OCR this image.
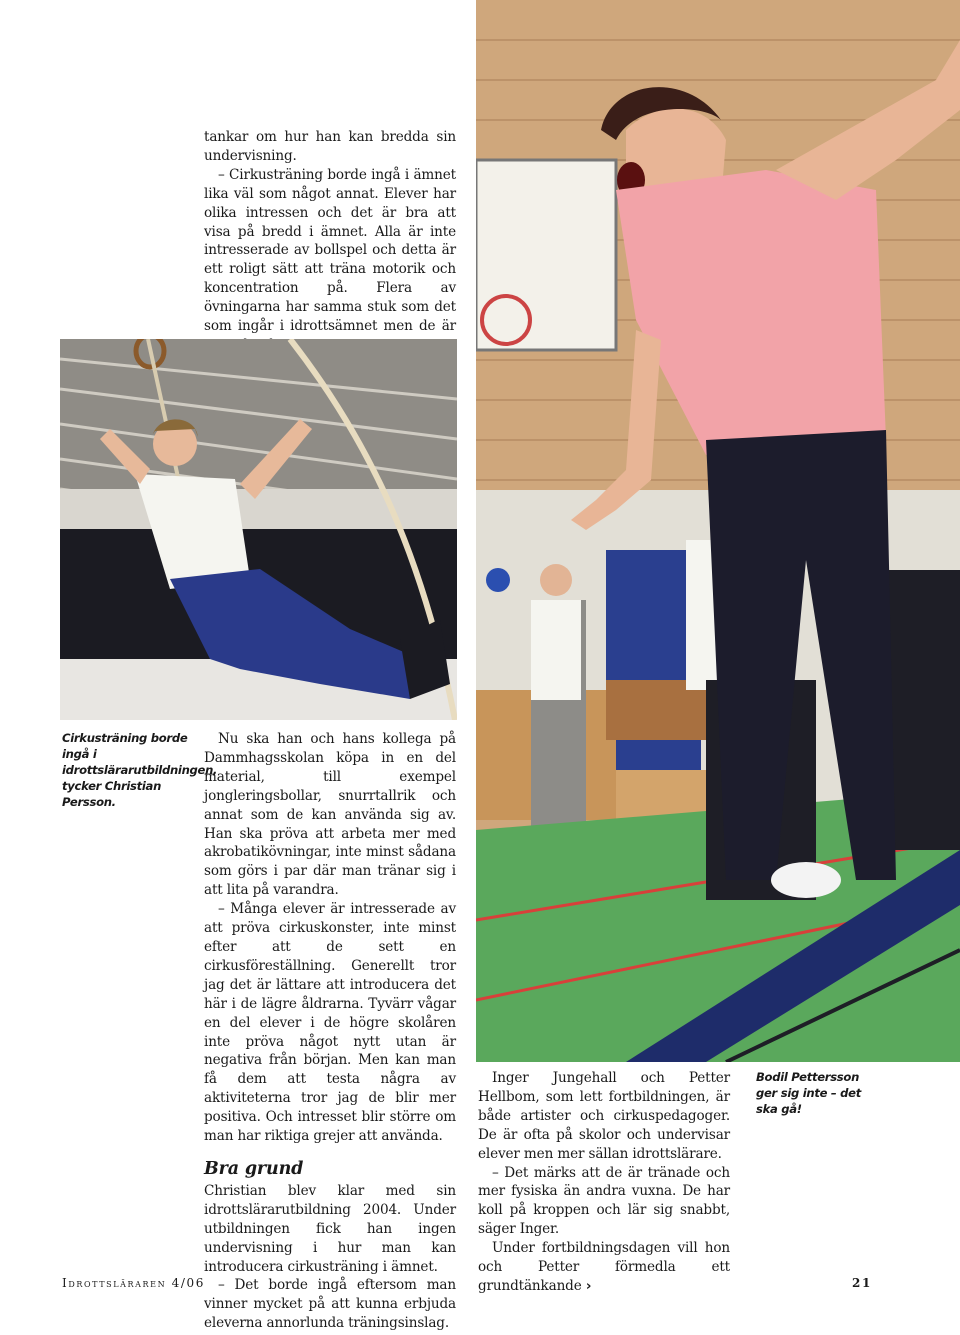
tankar om hur han kan bredda sin undervisning.

– Cirkusträning borde ingå i ämnet lika väl som något annat. Elever har olika intressen och det är bra att visa på bredd i ämnet. Alla är inte intresserade av bollspel och detta är ett roligt sätt att träna motorik och koncentration på. Flera av övningarna har samma stuk som det som ingår i idrottsämnet men de är

Cirkusträning borde ingå i idrottslärarutbildningen, tycker Christian Persson.

Nu ska han och hans kollega på Dammhagsskolan köpa in en del material, till exempel jongleringsbollar, snurrtallrik och annat som de kan använda sig av. Han ska pröva att arbeta mer med akrobatikövningar, inte minst sådana som görs i par där man tränar sig i att lita på varandra.

– Många elever är intresserade av att pröva cirkuskonster, inte minst efter att de sett en cirkusföreställning. Generellt tror jag det är lättare att introducera det här i de lägre åldrarna. Tyvärr vågar en del elever i de högre skolåren inte pröva något nytt utan är negativa från början. Men kan man få dem att testa några av aktiviteterna tror jag de blir mer positiva. Och intresset blir större om man har riktiga grejer att använda.

Bra grund

Christian blev klar med sin idrottslärarutbildning 2004. Under utbildningen fick han ingen undervisning i hur man kan introducera cirkusträning i ämnet.

– Det borde ingå eftersom man vinner mycket på att kunna erbjuda eleverna annorlunda träningsinslag.

Inger Jungehall och Petter Hellbom, som lett fortbildningen, är både artister och cirkuspedagoger. De är ofta på skolor och undervisar elever men mer sällan idrottslärare.

– Det märks att de är tränade och mer fysiska än andra vuxna. De har koll på kroppen och lär sig snabbt, säger Inger.

Under fortbildningsdagen vill hon och Petter förmedla ett grundtänkande ›

Bodil Pettersson ger sig inte – det ska gå!
Idrottsläraren 4/06	21
